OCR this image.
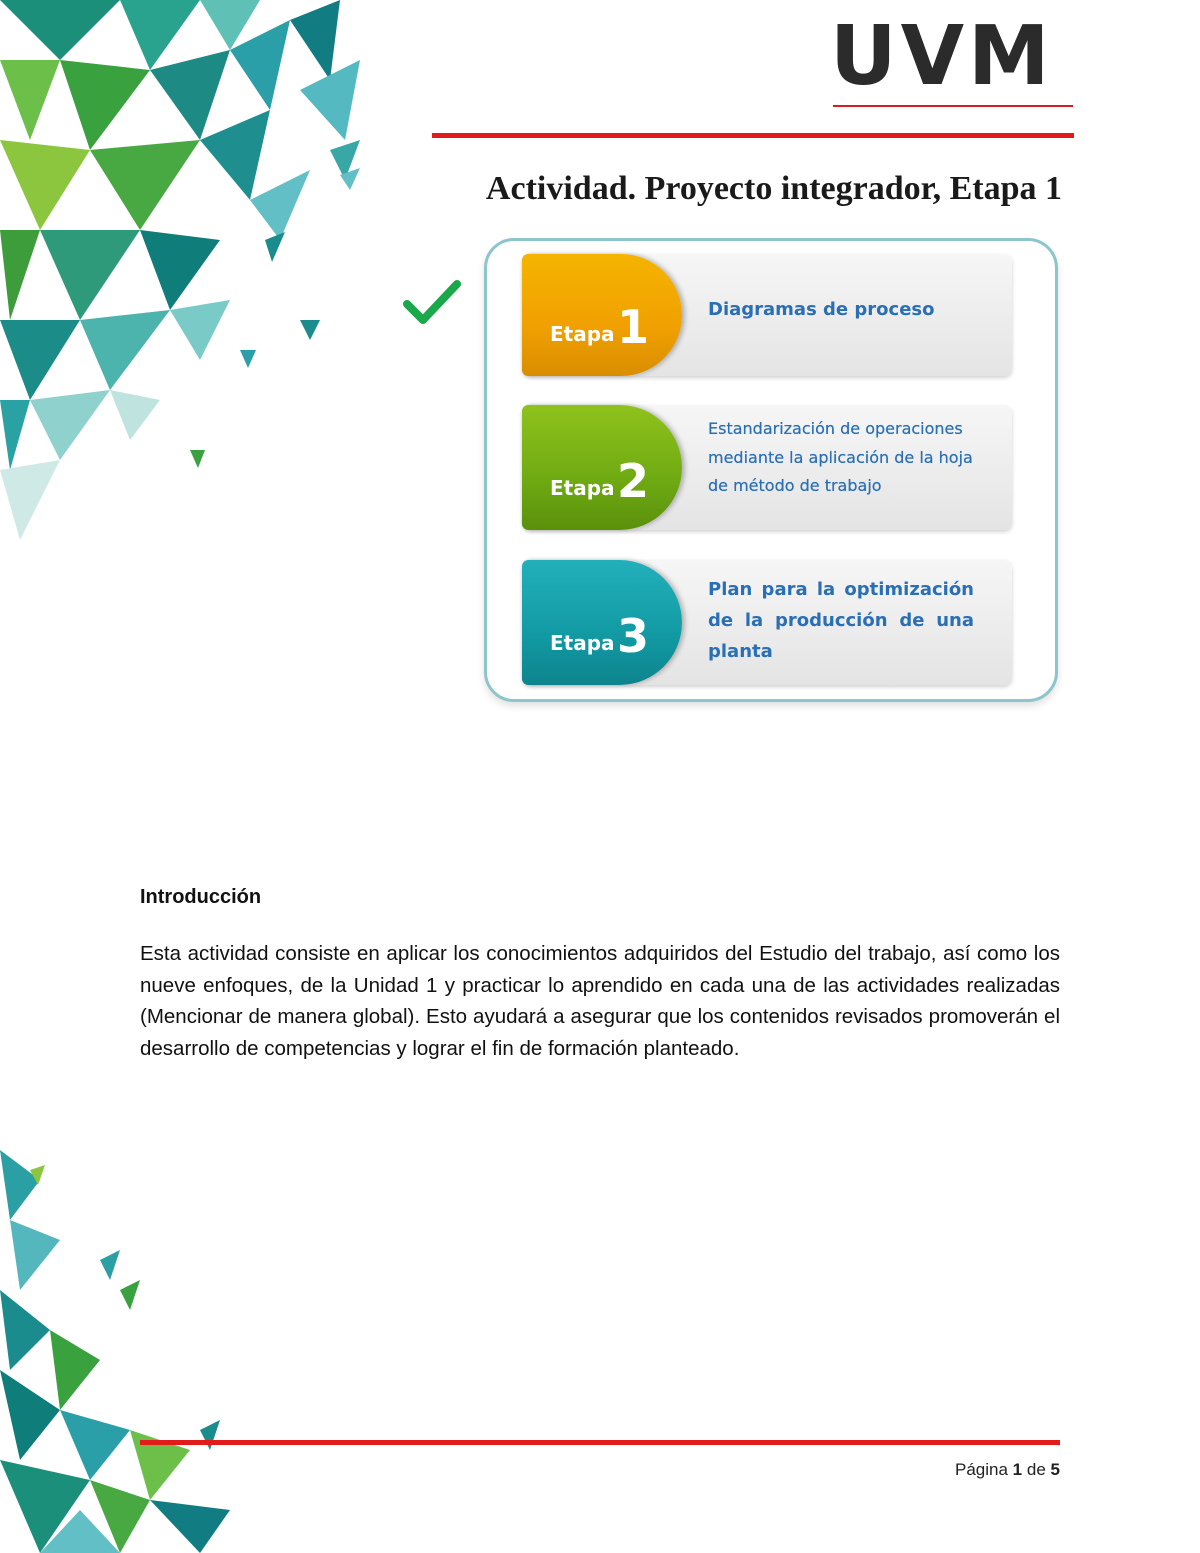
UVM
Actividad. Proyecto integrador, Etapa 1
Etapa 1	Diagramas de proceso
Etapa 2
Estandarización de operaciones mediante la aplicación de la hoja de método de trabajo
Etapa 3
Plan para la optimización de la producción de una planta
Introducción
Esta actividad consiste en aplicar los conocimientos adquiridos del Estudio del trabajo, así como los nueve enfoques, de la Unidad 1 y practicar lo aprendido en cada una de las actividades realizadas (Mencionar de manera global). Esto ayudará a asegurar que los contenidos revisados promoverán el desarrollo de competencias y lograr el fin de formación planteado.
Página 1 de 5
